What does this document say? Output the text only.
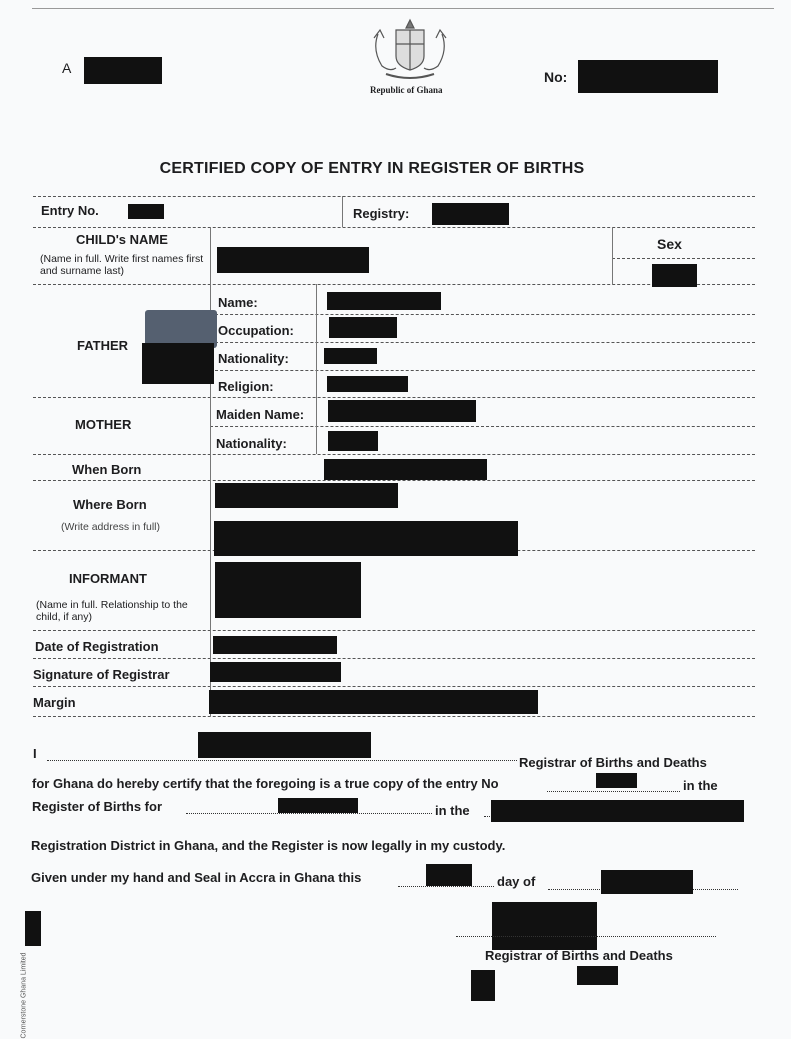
A
Republic of Ghana
No:
CERTIFIED COPY OF ENTRY IN REGISTER OF BIRTHS
Entry No.	Registry:
CHILD's NAME
(Name in full. Write first names first and surname last)
Sex
FATHER
Name:
Occupation:
Nationality:
Religion:
MOTHER
Maiden Name:
Nationality:
When Born
Where Born
(Write address in full)
INFORMANT
(Name in full. Relationship to the child, if any)
Date of Registration
Signature of Registrar
Margin
I
Registrar of Births and Deaths
for Ghana do hereby certify that the foregoing is a true copy of the entry No	in the
Register of Births for	in the
Registration District in Ghana, and the Register is now legally in my custody.
Given under my hand and Seal in Accra in Ghana this	day of
Registrar of Births and Deaths
Cornerstone Ghana Limited
